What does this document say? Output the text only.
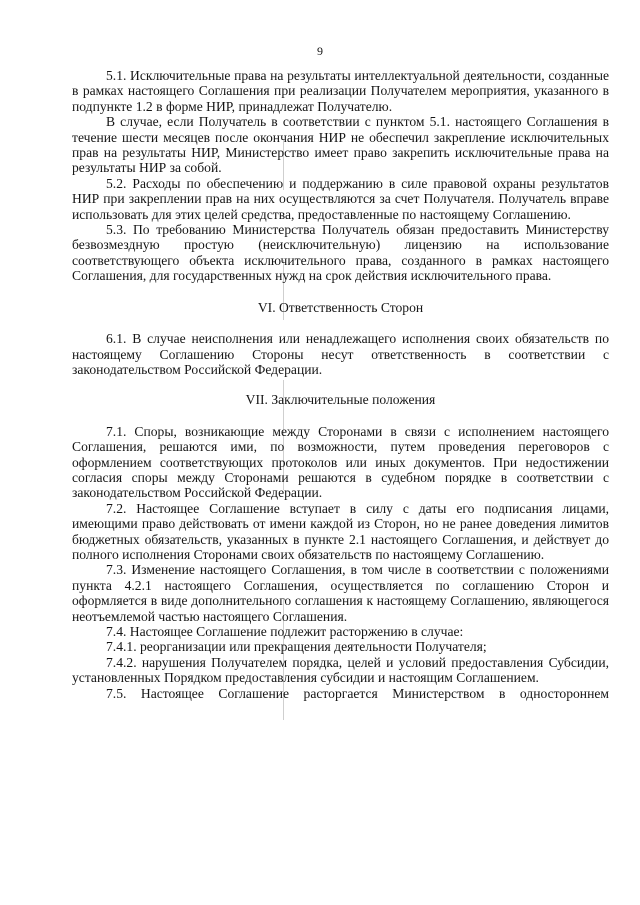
9

5.1. Исключительные права на результаты интеллектуальной деятельности, созданные в рамках настоящего Соглашения при реализации Получателем мероприятия, указанного в подпункте 1.2 в форме НИР, принадлежат Получателю.

В случае, если Получатель в соответствии с пунктом 5.1. настоящего Соглашения в течение шести месяцев после окончания НИР не обеспечил закрепление исключительных прав на результаты НИР, Министерство имеет право закрепить исключительные права на результаты НИР за собой.

5.2. Расходы по обеспечению и поддержанию в силе правовой охраны результатов НИР при закреплении прав на них осуществляются за счет Получателя. Получатель вправе использовать для этих целей средства, предоставленные по настоящему Соглашению.

5.3. По требованию Министерства Получатель обязан предоставить Министерству безвозмездную простую (неисключительную) лицензию на использование соответствующего объекта исключительного права, созданного в рамках настоящего Соглашения, для государственных нужд на срок действия исключительного права.

VI. Ответственность Сторон

6.1. В случае неисполнения или ненадлежащего исполнения своих обязательств по настоящему Соглашению Стороны несут ответственность в соответствии с законодательством Российской Федерации.

VII. Заключительные положения

7.1. Споры, возникающие между Сторонами в связи с исполнением настоящего Соглашения, решаются ими, по возможности, путем проведения переговоров с оформлением соответствующих протоколов или иных документов. При недостижении согласия споры между Сторонами решаются в судебном порядке в соответствии с законодательством Российской Федерации.

7.2. Настоящее Соглашение вступает в силу с даты его подписания лицами, имеющими право действовать от имени каждой из Сторон, но не ранее доведения лимитов бюджетных обязательств, указанных в пункте 2.1 настоящего Соглашения, и действует до полного исполнения Сторонами своих обязательств по настоящему Соглашению.

7.3. Изменение настоящего Соглашения, в том числе в соответствии с положениями пункта 4.2.1 настоящего Соглашения, осуществляется по соглашению Сторон и оформляется в виде дополнительного соглашения к настоящему Соглашению, являющегося неотъемлемой частью настоящего Соглашения.

7.4. Настоящее Соглашение подлежит расторжению в случае:

7.4.1. реорганизации или прекращения деятельности Получателя;

7.4.2. нарушения Получателем порядка, целей и условий предоставления Субсидии, установленных Порядком предоставления субсидии и настоящим Соглашением.

7.5. Настоящее Соглашение расторгается Министерством в одностороннем
